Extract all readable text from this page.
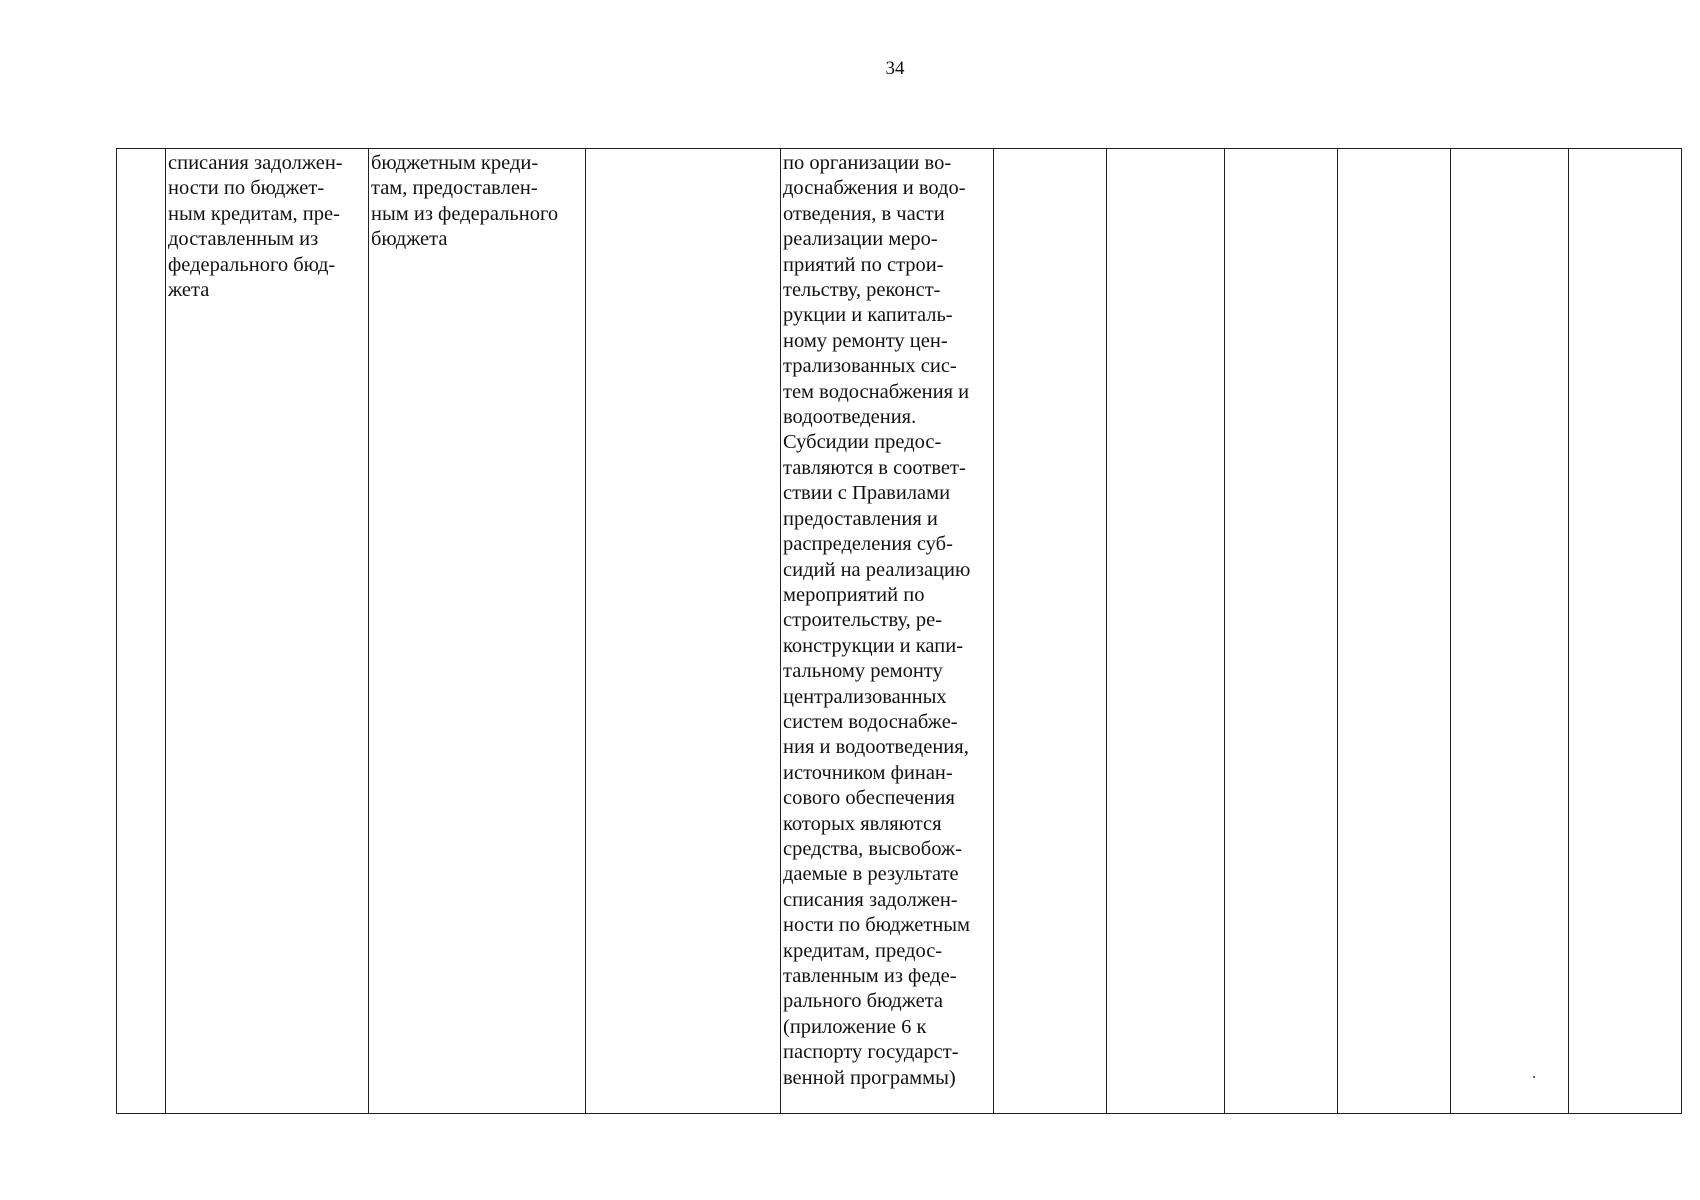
34
	списания задолжен-
ности по бюджет-
ным кредитам, пре-
доставленным из
федерального бюд-
жета	бюджетным креди-
там, предоставлен-
ным из федерального
бюджета		по организации во-
доснабжения и водо-
отведения, в части
реализации меро-
приятий по строи-
тельству, реконст-
рукции и капиталь-
ному ремонту цен-
трализованных сис-
тем водоснабжения и
водоотведения.
Субсидии предос-
тавляются в соответ-
ствии с Правилами
предоставления и
распределения суб-
сидий на реализацию
мероприятий по
строительству, ре-
конструкции и капи-
тальному ремонту
централизованных
систем водоснабже-
ния и водоотведения,
источником финан-
сового обеспечения
которых являются
средства, высвобож-
даемые в результате
списания задолжен-
ности по бюджетным
кредитам, предос-
тавленным из феде-
рального бюджета
(приложение 6 к
паспорту государст-
венной программы)						
